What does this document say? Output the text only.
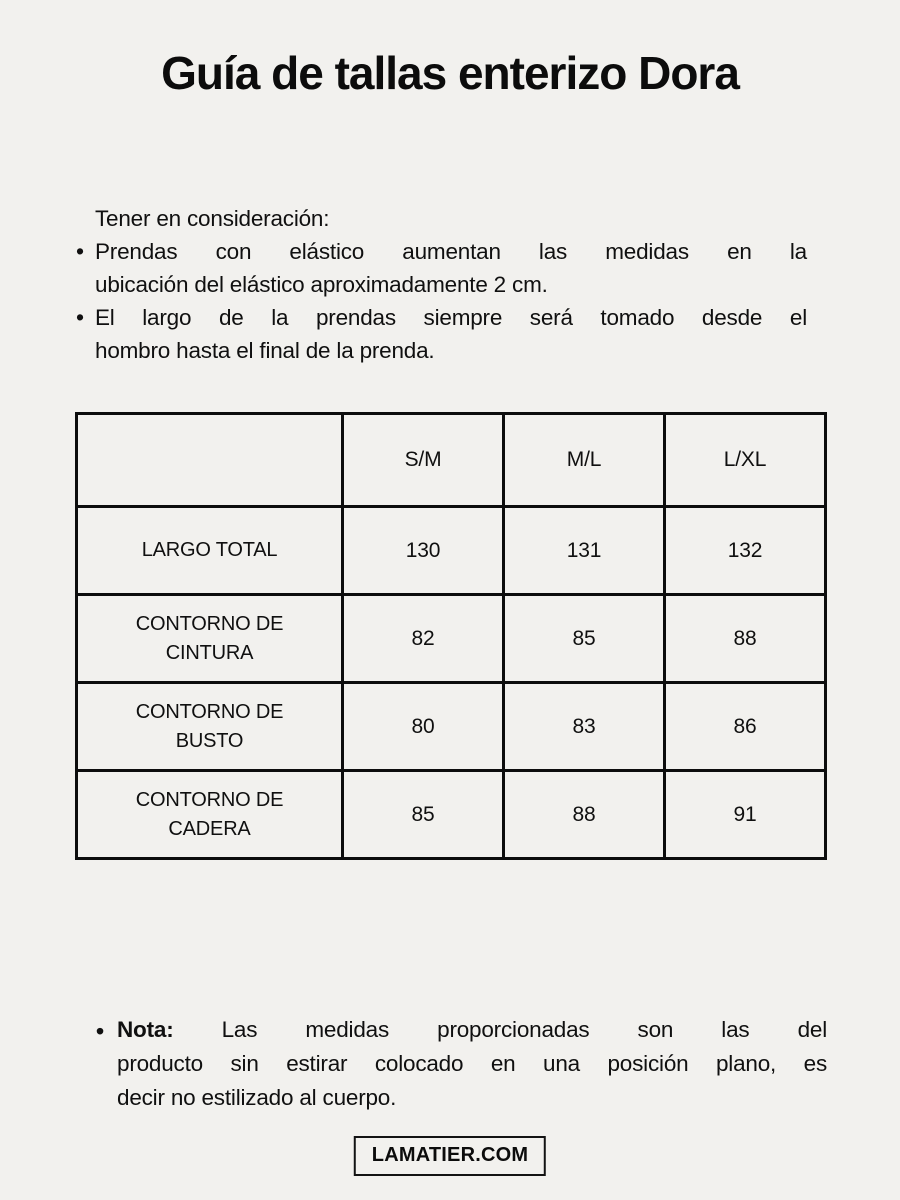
Guía de tallas enterizo Dora
Tener en consideración:
• Prendas con elástico aumentan las medidas en la
ubicación del elástico aproximadamente 2 cm.
• El largo de la prendas siempre será tomado desde el
hombro hasta el final de la prenda.
	S/M	M/L	L/XL

LARGO TOTAL	130	131	132

CONTORNO DE
CINTURA	82	85	88

CONTORNO DE
BUSTO	80	83	86

CONTORNO DE
CADERA	85	88	91
• Nota: Las medidas proporcionadas son las del
producto sin estirar colocado en una posición plano, es
decir no estilizado al cuerpo.
LAMATIER.COM
